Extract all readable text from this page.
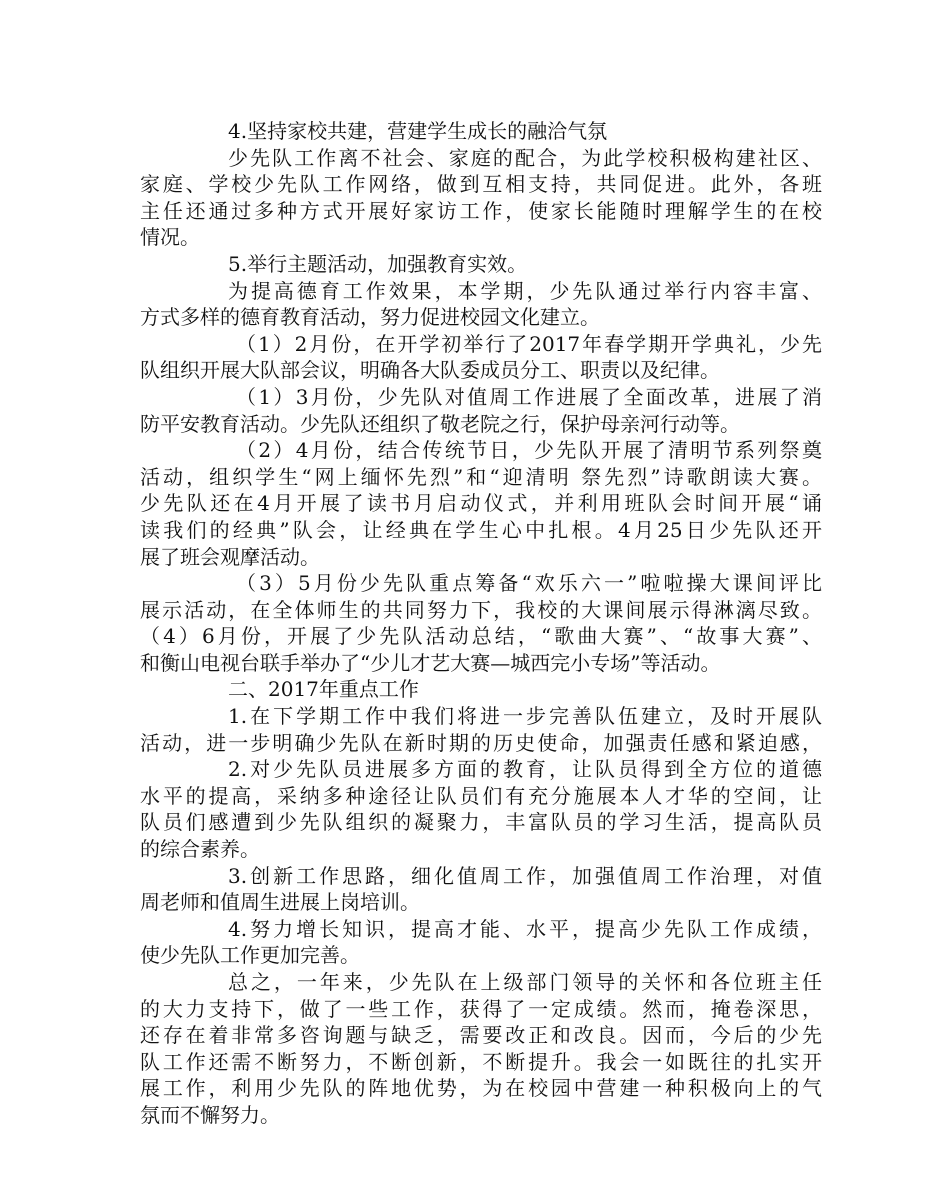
4.坚持家校共建，营建学生成长的融洽气氛
少先队工作离不社会、家庭的配合，为此学校积极构建社区、
家庭、学校少先队工作网络，做到互相支持，共同促进。此外，各班
主任还通过多种方式开展好家访工作，使家长能随时理解学生的在校
情况。
5.举行主题活动，加强教育实效。
为提高德育工作效果，本学期，少先队通过举行内容丰富、
方式多样的德育教育活动，努力促进校园文化建立。
（1）2月份，在开学初举行了2017年春学期开学典礼，少先
队组织开展大队部会议，明确各大队委成员分工、职责以及纪律。
（1）3月份，少先队对值周工作进展了全面改革，进展了消
防平安教育活动。少先队还组织了敬老院之行，保护母亲河行动等。
（2）4月份，结合传统节日，少先队开展了清明节系列祭奠
活动，组织学生“网上缅怀先烈”和“迎清明 祭先烈”诗歌朗读大赛。
少先队还在4月开展了读书月启动仪式，并利用班队会时间开展“诵
读我们的经典”队会，让经典在学生心中扎根。4月25日少先队还开
展了班会观摩活动。
（3）5月份少先队重点筹备“欢乐六一”啦啦操大课间评比
展示活动，在全体师生的共同努力下，我校的大课间展示得淋漓尽致。
（4）6月份，开展了少先队活动总结，“歌曲大赛”、“故事大赛”、
和衡山电视台联手举办了“少儿才艺大赛—城西完小专场”等活动。
二、2017年重点工作
1.在下学期工作中我们将进一步完善队伍建立，及时开展队
活动，进一步明确少先队在新时期的历史使命，加强责任感和紧迫感，
2.对少先队员进展多方面的教育，让队员得到全方位的道德
水平的提高，采纳多种途径让队员们有充分施展本人才华的空间，让
队员们感遭到少先队组织的凝聚力，丰富队员的学习生活，提高队员
的综合素养。
3.创新工作思路，细化值周工作，加强值周工作治理，对值
周老师和值周生进展上岗培训。
4.努力增长知识，提高才能、水平，提高少先队工作成绩，
使少先队工作更加完善。
总之，一年来，少先队在上级部门领导的关怀和各位班主任
的大力支持下，做了一些工作，获得了一定成绩。然而，掩卷深思，
还存在着非常多咨询题与缺乏，需要改正和改良。因而，今后的少先
队工作还需不断努力，不断创新，不断提升。我会一如既往的扎实开
展工作，利用少先队的阵地优势，为在校园中营建一种积极向上的气
氛而不懈努力。
